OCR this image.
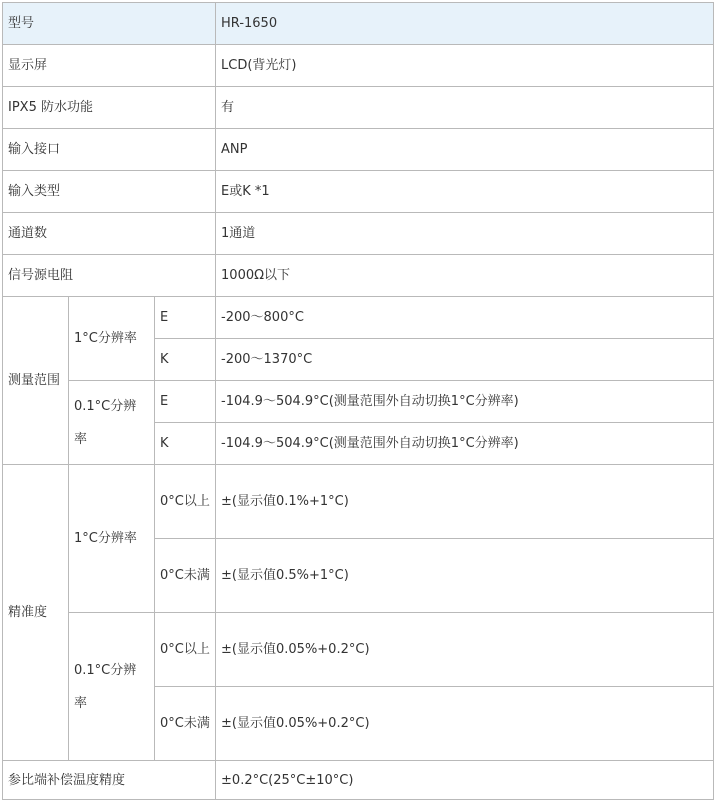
型号			HR-1650
显示屏			LCD(背光灯)
IPX5 防水功能			有
输入接口			ANP
输入类型			E或K *1
通道数			1通道
信号源电阻			1000Ω以下
测量范围	1°C分辨率	E	-200～800°C
		K	-200～1370°C
	0.1°C分辨率	E	-104.9～504.9°C(测量范围外自动切换1°C分辨率)
		K	-104.9～504.9°C(测量范围外自动切换1°C分辨率)
精准度	1°C分辨率	0°C以上	±(显示值0.1%+1°C)
		0°C未满	±(显示值0.5%+1°C)
	0.1°C分辨率	0°C以上	±(显示值0.05%+0.2°C)
		0°C未满	±(显示值0.05%+0.2°C)
参比端补偿温度精度			±0.2°C(25°C±10°C)
